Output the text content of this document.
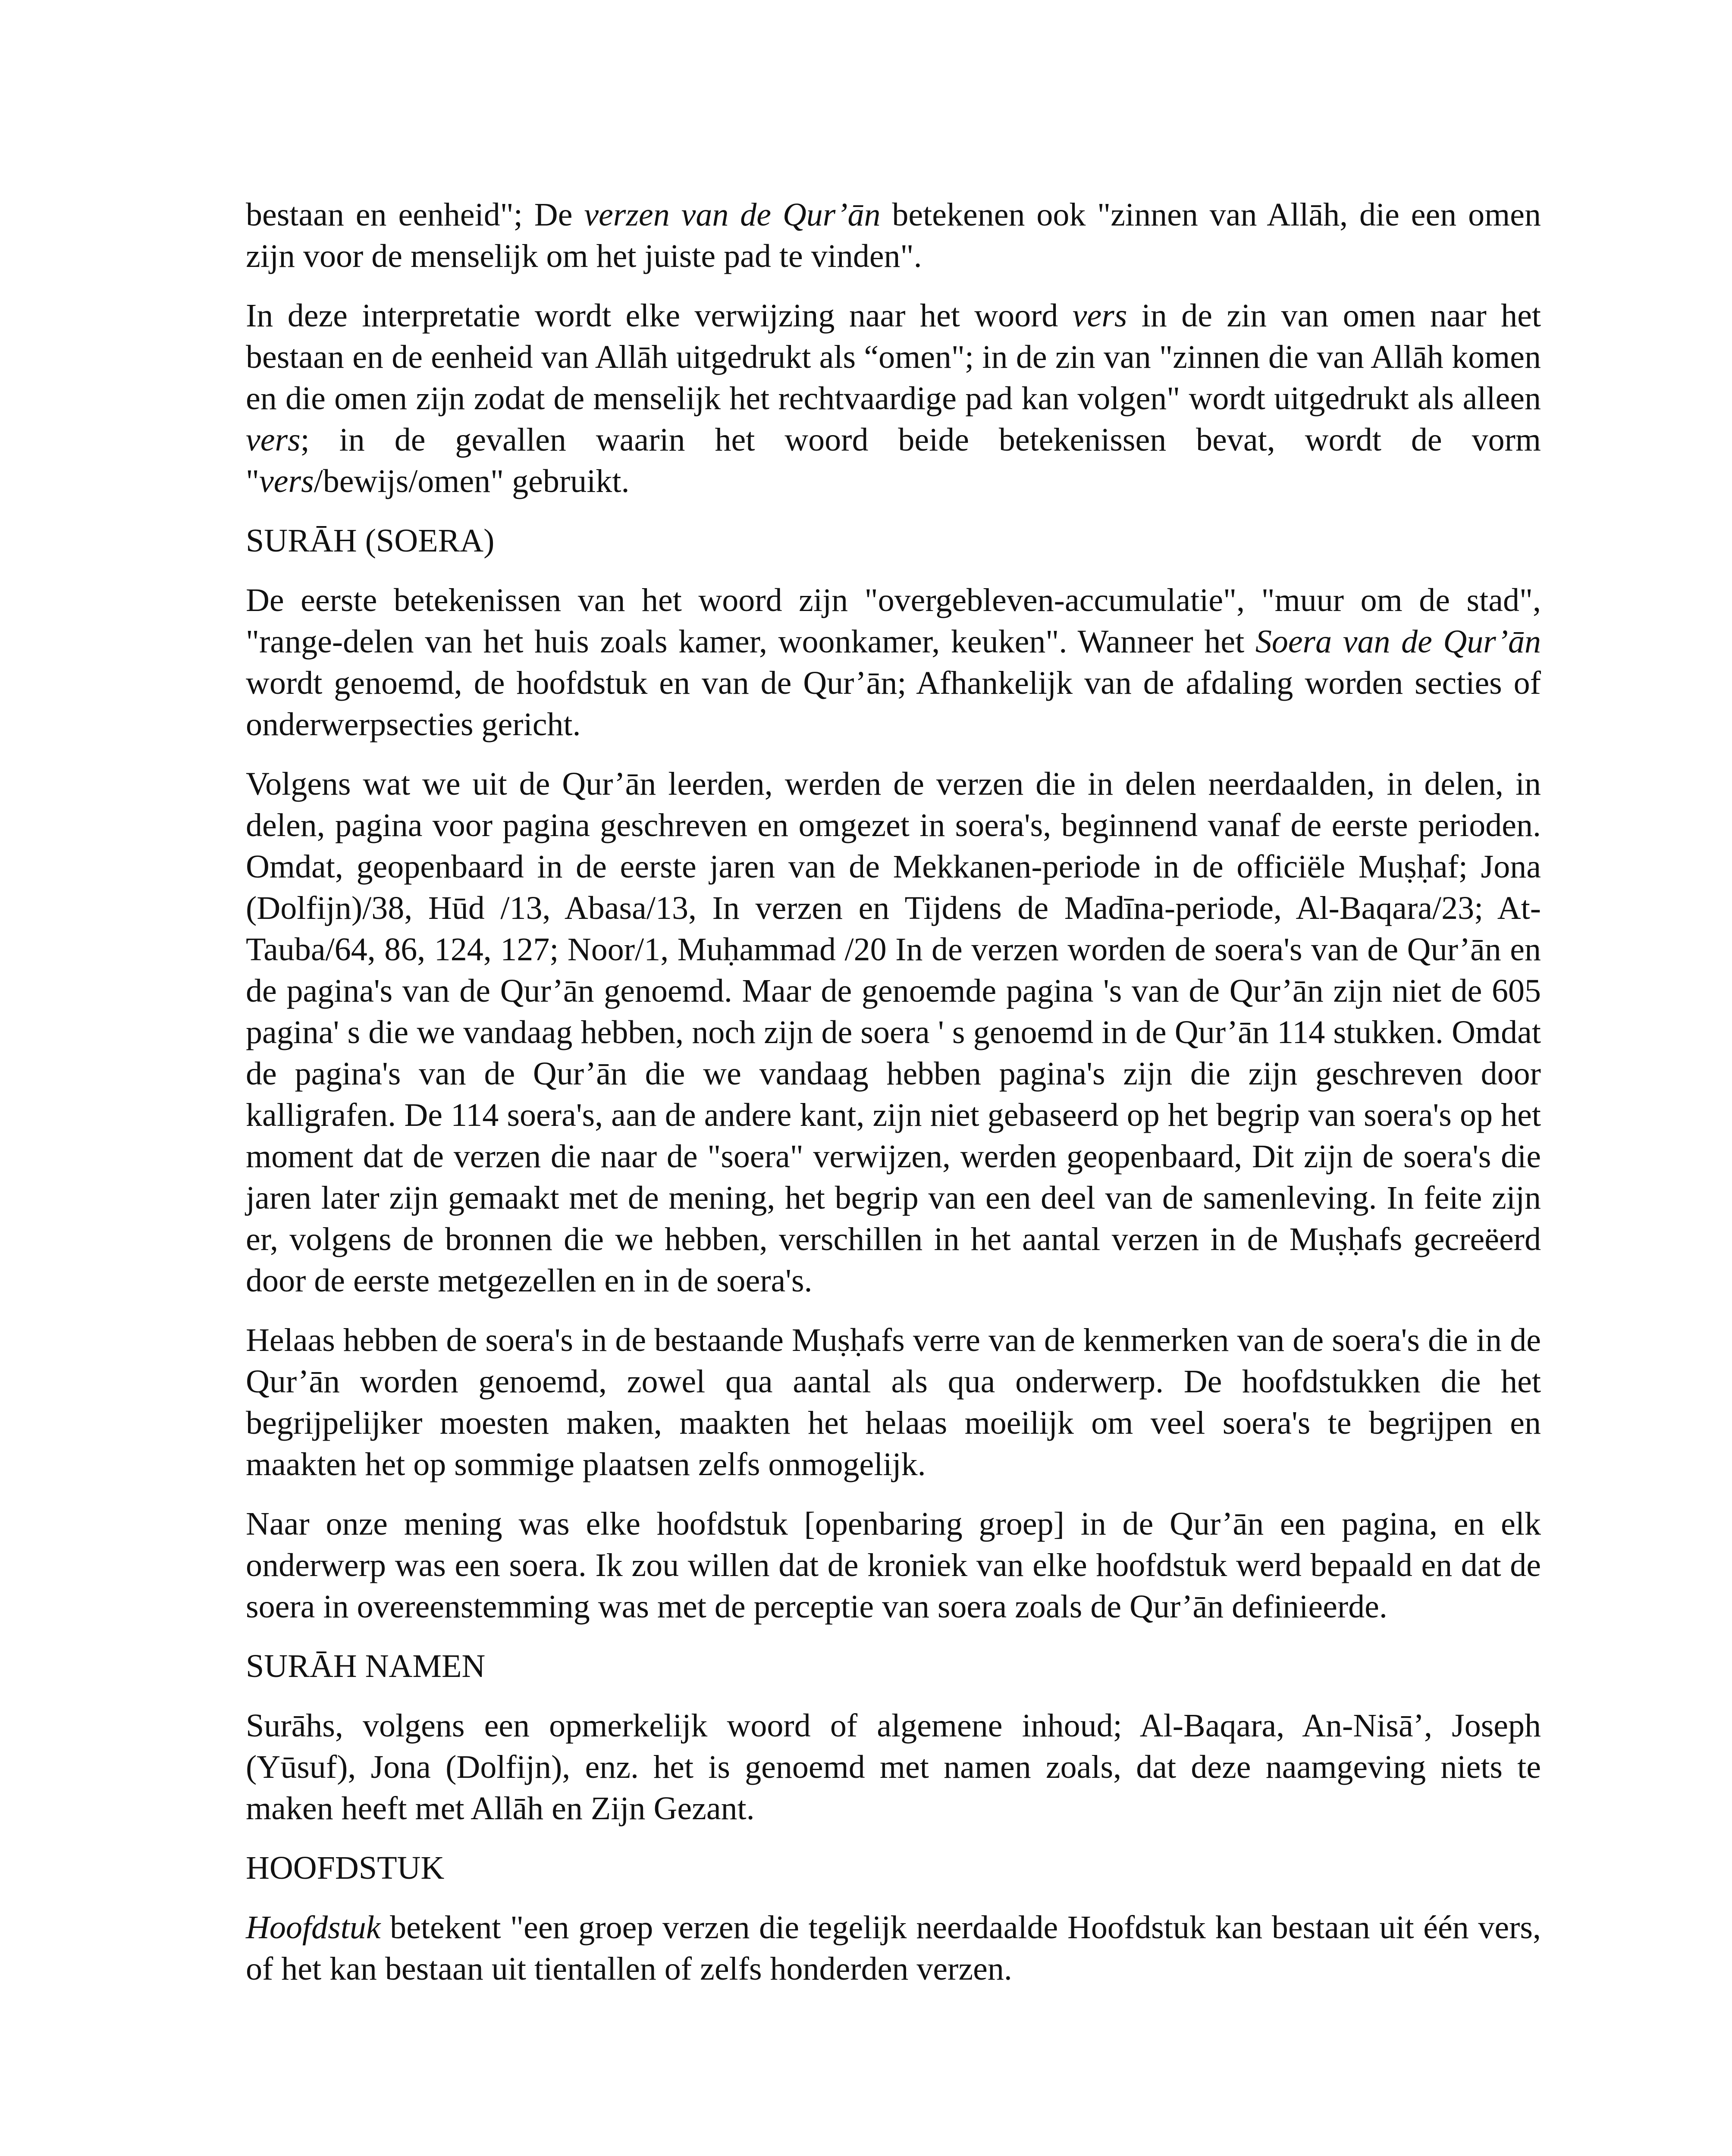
bestaan en eenheid"; De verzen van de Qur’ān betekenen ook "zinnen van Allāh, die een omen zijn voor de menselijk om het juiste pad te vinden".

In deze interpretatie wordt elke verwijzing naar het woord vers in de zin van omen naar het bestaan en de eenheid van Allāh uitgedrukt als “omen"; in de zin van "zinnen die van Allāh komen en die omen zijn zodat de menselijk het rechtvaardige pad kan volgen" wordt uitgedrukt als alleen vers; in de gevallen waarin het woord beide betekenissen bevat, wordt de vorm "vers/bewijs/omen" gebruikt.

SURĀH (SOERA)

De eerste betekenissen van het woord zijn "overgebleven-accumulatie", "muur om de stad", "range-delen van het huis zoals kamer, woonkamer, keuken". Wanneer het Soera van de Qur’ān wordt genoemd, de hoofdstuk en van de Qur’ān; Afhankelijk van de afdaling worden secties of onderwerpsecties gericht.

Volgens wat we uit de Qur’ān leerden, werden de verzen die in delen neerdaalden, in delen, in delen, pagina voor pagina geschreven en omgezet in soera's, beginnend vanaf de eerste perioden. Omdat, geopenbaard in de eerste jaren van de Mekkanen-periode in de officiële Muṣḥaf; Jona (Dolfijn)/38, Hūd /13, Abasa/13, In verzen en Tijdens de Madīna-periode, Al-Baqara/23; At-Tauba/64, 86, 124, 127; Noor/1, Muḥammad /20 In de verzen worden de soera's van de Qur’ān en de pagina's van de Qur’ān genoemd. Maar de genoemde pagina 's van de Qur’ān zijn niet de 605 pagina' s die we vandaag hebben, noch zijn de soera ' s genoemd in de Qur’ān 114 stukken. Omdat de pagina's van de Qur’ān die we vandaag hebben pagina's zijn die zijn geschreven door kalligrafen. De 114 soera's, aan de andere kant, zijn niet gebaseerd op het begrip van soera's op het moment dat de verzen die naar de "soera" verwijzen, werden geopenbaard, Dit zijn de soera's die jaren later zijn gemaakt met de mening, het begrip van een deel van de samenleving. In feite zijn er, volgens de bronnen die we hebben, verschillen in het aantal verzen in de Muṣḥafs gecreëerd door de eerste metgezellen en in de soera's.

Helaas hebben de soera's in de bestaande Muṣḥafs verre van de kenmerken van de soera's die in de Qur’ān worden genoemd, zowel qua aantal als qua onderwerp. De hoofdstukken die het begrijpelijker moesten maken, maakten het helaas moeilijk om veel soera's te begrijpen en maakten het op sommige plaatsen zelfs onmogelijk.

Naar onze mening was elke hoofdstuk [openbaring groep] in de Qur’ān een pagina, en elk onderwerp was een soera. Ik zou willen dat de kroniek van elke hoofdstuk werd bepaald en dat de soera in overeenstemming was met de perceptie van soera zoals de Qur’ān definieerde.

SURĀH NAMEN

Surāhs, volgens een opmerkelijk woord of algemene inhoud; Al-Baqara, An-Nisā’, Joseph (Yūsuf), Jona (Dolfijn), enz. het is genoemd met namen zoals, dat deze naamgeving niets te maken heeft met Allāh en Zijn Gezant.

HOOFDSTUK

Hoofdstuk betekent "een groep verzen die tegelijk neerdaalde Hoofdstuk kan bestaan uit één vers, of het kan bestaan uit tientallen of zelfs honderden verzen.
